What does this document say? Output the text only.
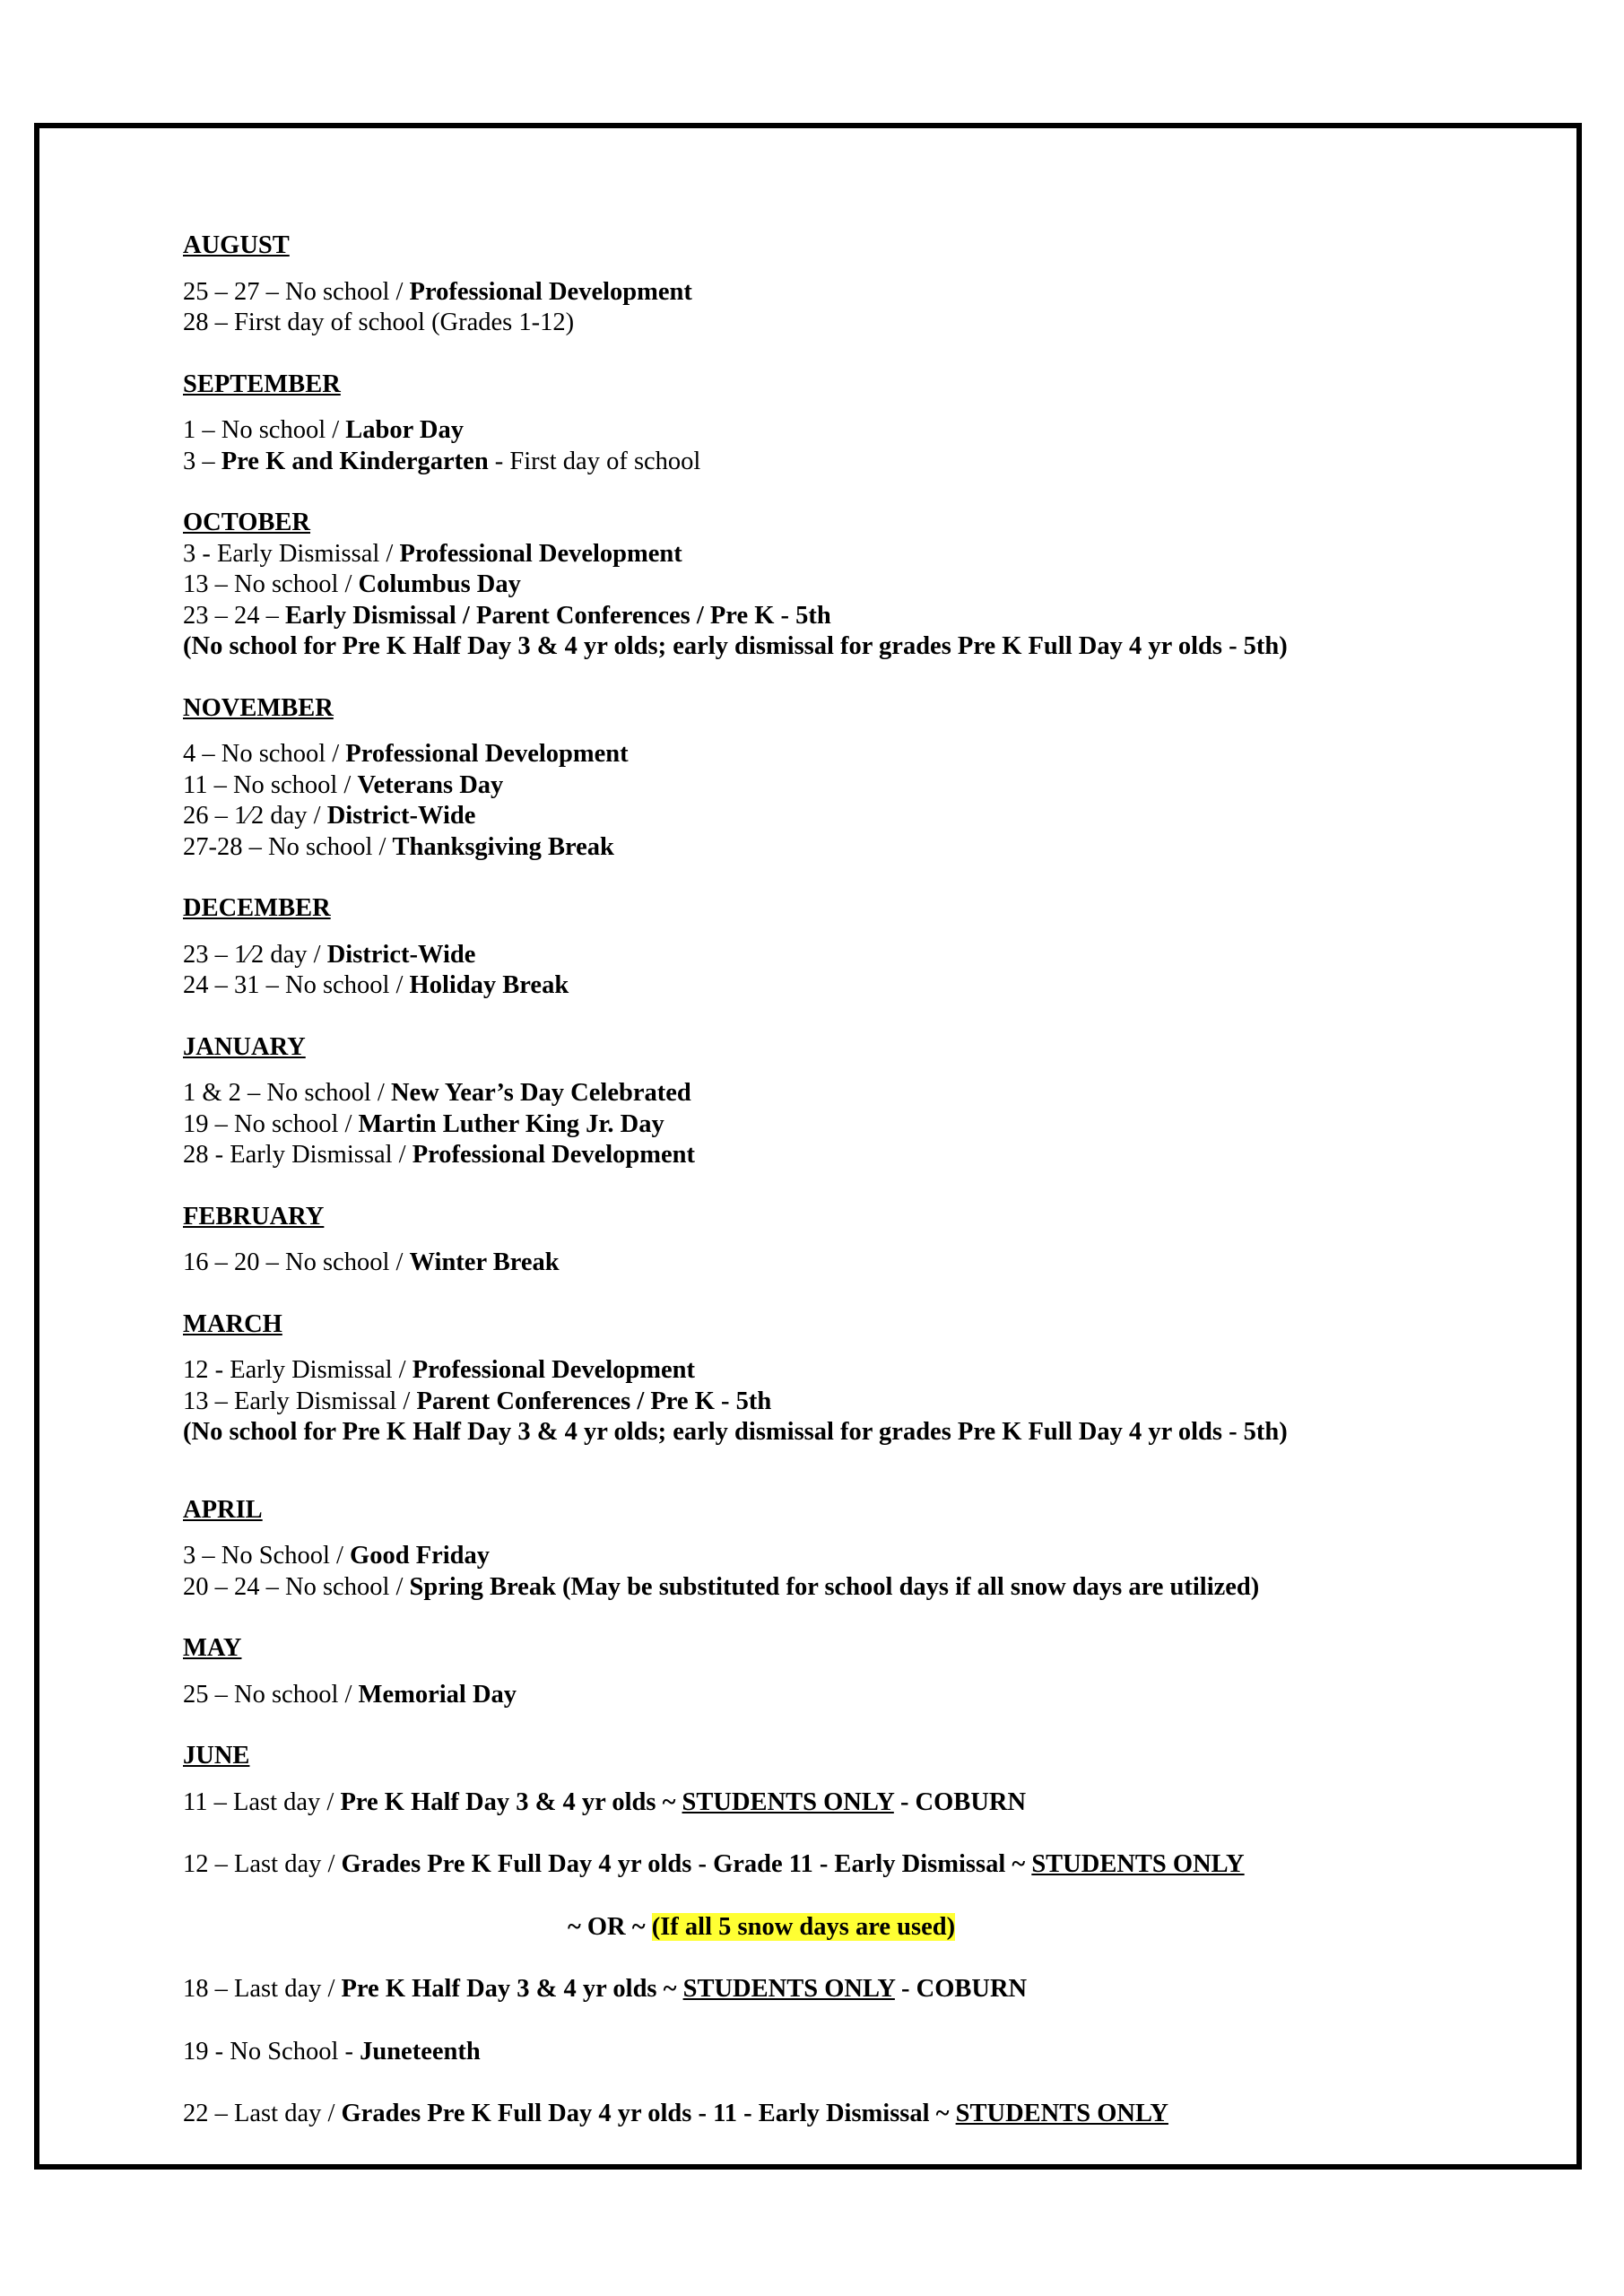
AUGUST

25 – 27 – No school / Professional Development

28 – First day of school (Grades 1-12)

SEPTEMBER

1 – No school / Labor Day

3 – Pre K and Kindergarten - First day of school

OCTOBER

3 - Early Dismissal / Professional Development

13 – No school / Columbus Day

23 – 24 – Early Dismissal / Parent Conferences / Pre K - 5th

(No school for Pre K Half Day 3 & 4 yr olds; early dismissal for grades Pre K Full Day 4 yr olds - 5th)

NOVEMBER

4 – No school / Professional Development

11 – No school / Veterans Day

26 – 1⁄2 day / District-Wide

27-28 – No school / Thanksgiving Break

DECEMBER

23 – 1⁄2 day / District-Wide

24 – 31 – No school / Holiday Break

JANUARY

1 & 2 – No school / New Year’s Day Celebrated

19 – No school / Martin Luther King Jr. Day

28 - Early Dismissal / Professional Development

FEBRUARY

16 – 20 – No school / Winter Break

MARCH

12 - Early Dismissal / Professional Development

13 – Early Dismissal / Parent Conferences / Pre K - 5th

(No school for Pre K Half Day 3 & 4 yr olds; early dismissal for grades Pre K Full Day 4 yr olds - 5th)

APRIL

3 – No School / Good Friday

20 – 24 – No school / Spring Break (May be substituted for school days if all snow days are utilized)

MAY

25 – No school / Memorial Day

JUNE

11 – Last day / Pre K Half Day 3 & 4 yr olds ~ STUDENTS ONLY - COBURN

12 – Last day / Grades Pre K Full Day 4 yr olds - Grade 11 - Early Dismissal ~ STUDENTS ONLY

~ OR ~ (If all 5 snow days are used)

18 – Last day / Pre K Half Day 3 & 4 yr olds ~ STUDENTS ONLY - COBURN

19 - No School - Juneteenth

22 – Last day / Grades Pre K Full Day 4 yr olds - 11 - Early Dismissal ~ STUDENTS ONLY
